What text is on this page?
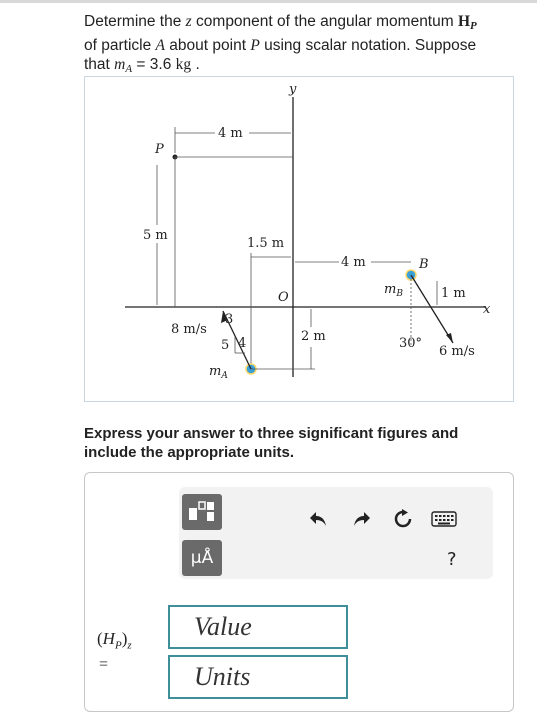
Determine the z component of the angular momentum $H_P$
of particle A about point P using scalar notation. Suppose
that $m_A = 3.6$ kg .
y
x
O
P
4 m
5 m
1.5 m
4 m	B
$m_B$
30°
6 m/s
1 m
2 m
$m_A$
8 m/s
3
4
5
Express your answer to three significant figures and include the appropriate units.
μÅ	?
$(H_P)_z$
=
Value
Units
